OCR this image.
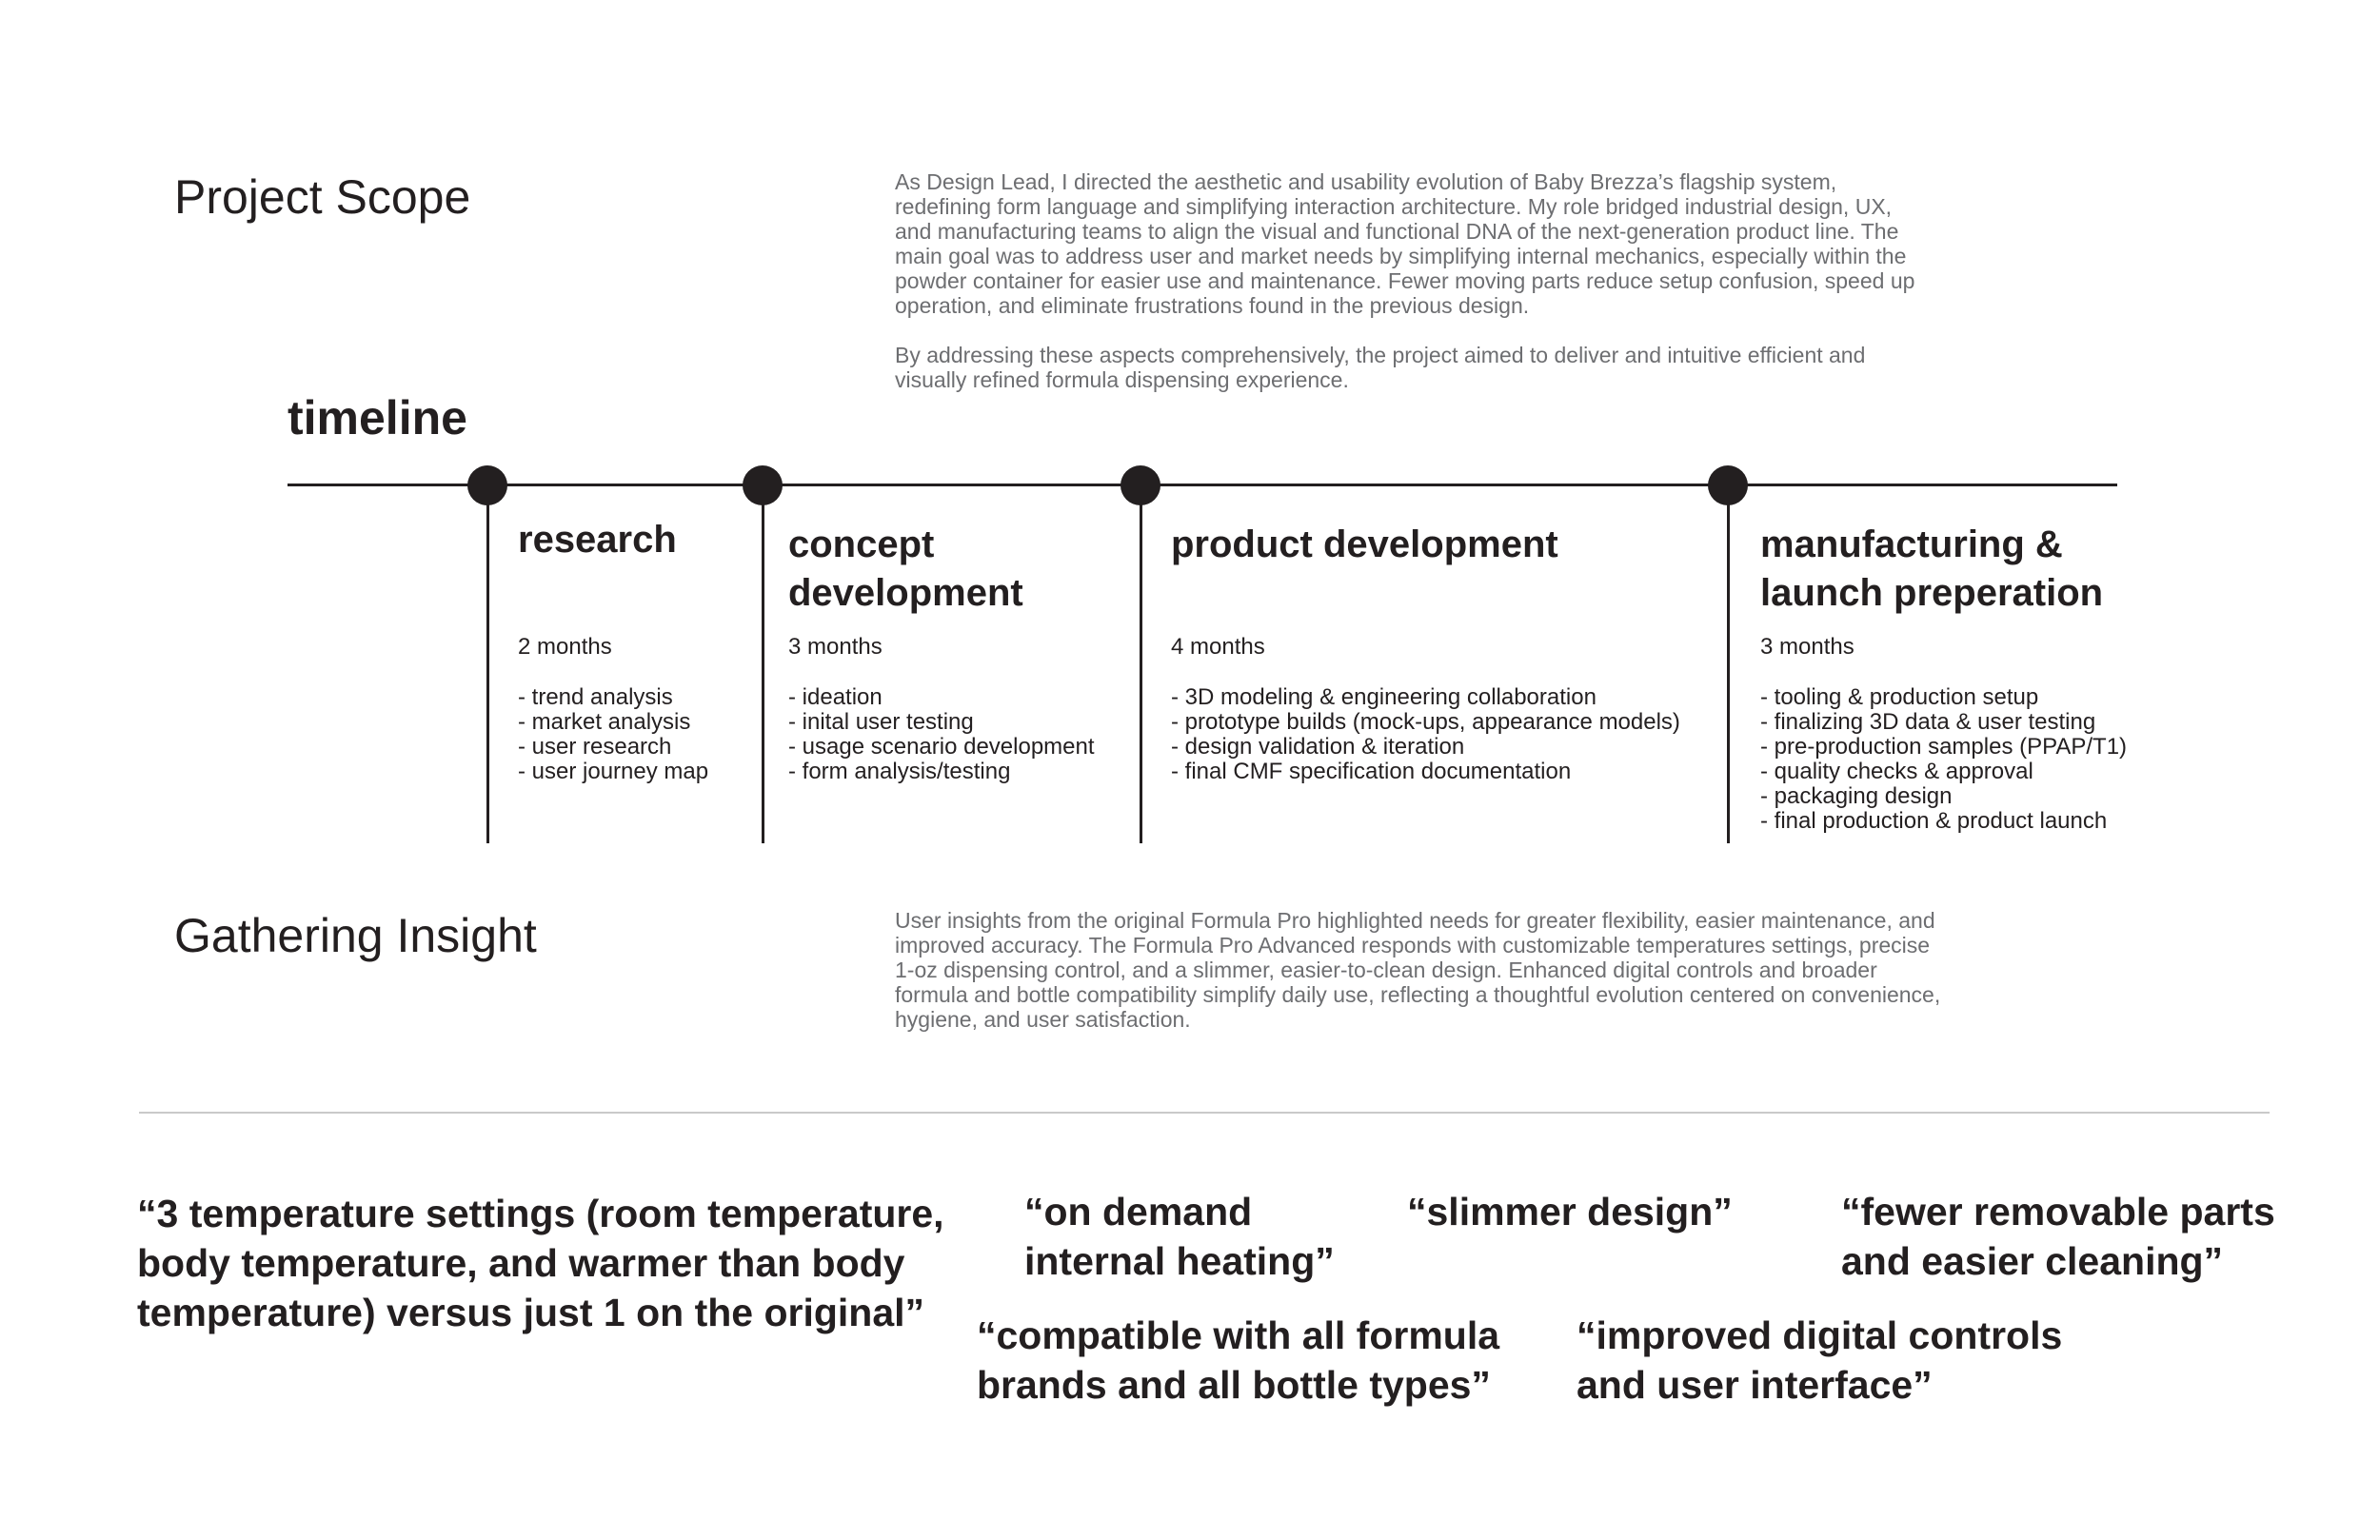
Project Scope	As Design Lead, I directed the aesthetic and usability evolution of Baby Brezza’s flagship system, redefining form language and simplifying interaction architecture. My role bridged industrial design, UX, and manufacturing teams to align the visual and functional DNA of the next-generation product line. The main goal was to address user and market needs by simplifying internal mechanics, especially within the powder container for easier use and maintenance. Fewer moving parts reduce setup confusion, speed up operation, and eliminate frustrations found in the previous design.

By addressing these aspects comprehensively, the project aimed to deliver and intuitive efficient and visually refined formula dispensing experience.

timeline
research
2 months
- trend analysis
- market analysis
- user research
- user journey map
concept development
3 months
- ideation
- inital user testing
- usage scenario development
- form analysis/testing
product development
4 months
- 3D modeling & engineering collaboration
- prototype builds (mock-ups, appearance models)
- design validation & iteration
- final CMF specification documentation
manufacturing & launch preperation
3 months
- tooling & production setup
- finalizing 3D data & user testing
- pre-production samples (PPAP/T1)
- quality checks & approval
- packaging design
- final production & product launch
Gathering Insight	User insights from the original Formula Pro highlighted needs for greater flexibility, easier maintenance, and improved accuracy. The Formula Pro Advanced responds with customizable temperatures settings, precise 1-oz dispensing control, and a slimmer, easier-to-clean design. Enhanced digital controls and broader formula and bottle compatibility simplify daily use, reflecting a thoughtful evolution centered on convenience, hygiene, and user satisfaction.
“3 temperature settings (room temperature, body temperature, and warmer than body temperature) versus just 1 on the original”
“on demand internal heating”
“slimmer design”	“fewer removable parts and easier cleaning”
“compatible with all formula brands and all bottle types”
“improved digital controls and user interface”
